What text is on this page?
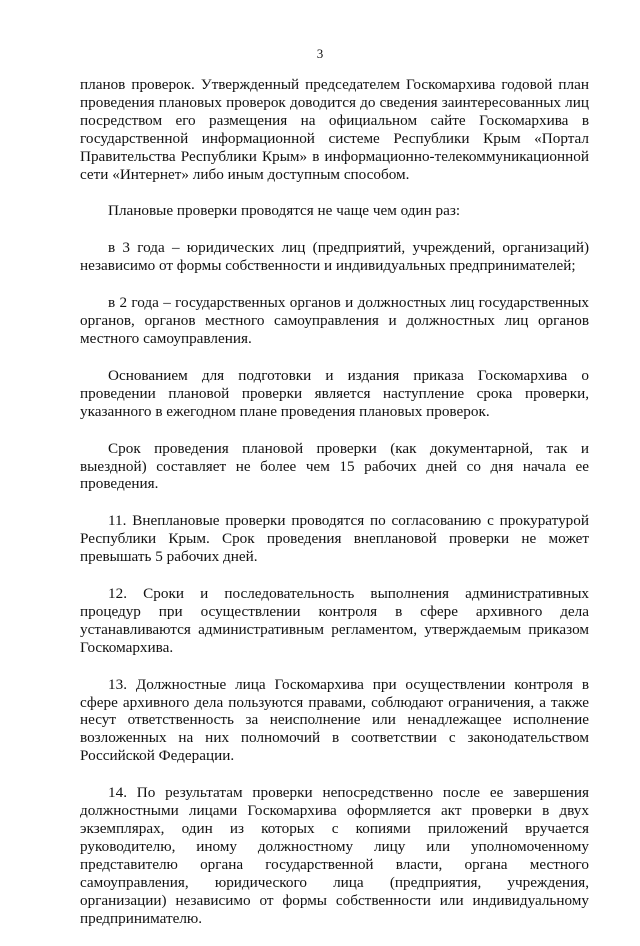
3

планов проверок. Утвержденный председателем Госкомархива годовой план проведения плановых проверок доводится до сведения заинтересованных лиц посредством его размещения на официальном сайте Госкомархива в государственной информационной системе Республики Крым «Портал Правительства Республики Крым» в информационно-телекоммуникационной сети «Интернет» либо иным доступным способом.

Плановые проверки проводятся не чаще чем один раз:

в 3 года – юридических лиц (предприятий, учреждений, организаций) независимо от формы собственности и индивидуальных предпринимателей;

в 2 года – государственных органов и должностных лиц государственных органов, органов местного самоуправления и должностных лиц органов местного самоуправления.

Основанием для подготовки и издания приказа Госкомархива о проведении плановой проверки является наступление срока проверки, указанного в ежегодном плане проведения плановых проверок.

Срок проведения плановой проверки (как документарной, так и выездной) составляет не более чем 15 рабочих дней со дня начала ее проведения.

11. Внеплановые проверки проводятся по согласованию с прокуратурой Республики Крым. Срок проведения внеплановой проверки не может превышать 5 рабочих дней.

12. Сроки и последовательность выполнения административных процедур при осуществлении контроля в сфере архивного дела устанавливаются административным регламентом, утверждаемым приказом Госкомархива.

13. Должностные лица Госкомархива при осуществлении контроля в сфере архивного дела пользуются правами, соблюдают ограничения, а также несут ответственность за неисполнение или ненадлежащее исполнение возложенных на них полномочий в соответствии с законодательством Российской Федерации.

14. По результатам проверки непосредственно после ее завершения должностными лицами Госкомархива оформляется акт проверки в двух экземплярах, один из которых с копиями приложений вручается руководителю, иному должностному лицу или уполномоченному представителю органа государственной власти, органа местного самоуправления, юридического лица (предприятия, учреждения, организации) независимо от формы собственности или индивидуальному предпринимателю.
